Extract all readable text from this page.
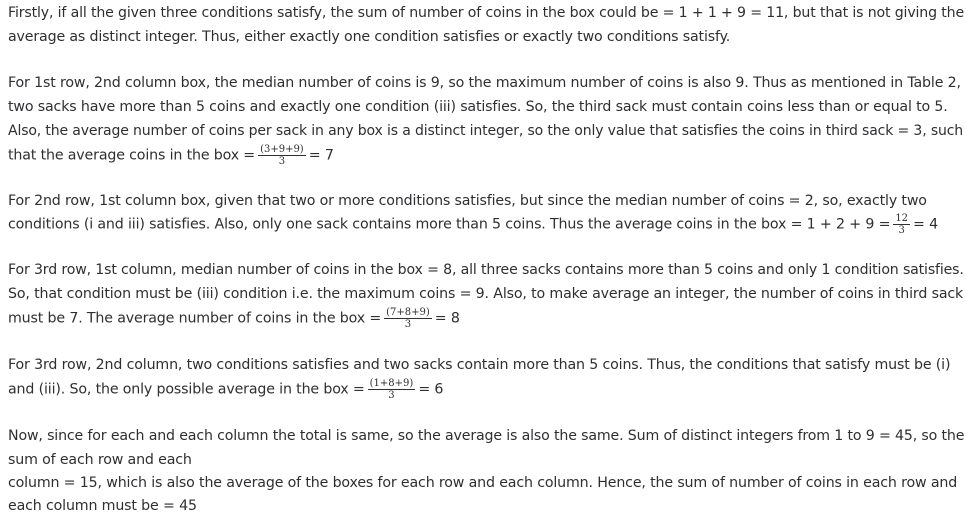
Firstly, if all the given three conditions satisfy, the sum of number of coins in the box could be = 1 + 1 + 9 = 11, but that is not giving the
average as distinct integer. Thus, either exactly one condition satisfies or exactly two conditions satisfy.
For 1st row, 2nd column box, the median number of coins is 9, so the maximum number of coins is also 9. Thus as mentioned in Table 2,
two sacks have more than 5 coins and exactly one condition (iii) satisfies. So, the third sack must contain coins less than or equal to 5.
Also, the average number of coins per sack in any box is a distinct integer, so the only value that satisfies the coins in third sack = 3, such
that the average coins in the box = $\frac{(3+9+9)}{3} = 7$
For 2nd row, 1st column box, given that two or more conditions satisfies, but since the median number of coins = 2, so, exactly two
conditions (i and iii) satisfies. Also, only one sack contains more than 5 coins. Thus the average coins in the box = $1 + 2 + 9 = \frac{12}{3} = 4$
For 3rd row, 1st column, median number of coins in the box = 8, all three sacks contains more than 5 coins and only 1 condition satisfies.
So, that condition must be (iii) condition i.e. the maximum coins = 9. Also, to make average an integer, the number of coins in third sack
must be 7. The average number of coins in the box = $\frac{(7+8+9)}{3} = 8$
For 3rd row, 2nd column, two conditions satisfies and two sacks contain more than 5 coins. Thus, the conditions that satisfy must be (i)
and (iii). So, the only possible average in the box = $\frac{(1+8+9)}{3} = 6$
Now, since for each and each column the total is same, so the average is also the same. Sum of distinct integers from 1 to 9 = 45, so the
sum of each row and each
column = 15, which is also the average of the boxes for each row and each column. Hence, the sum of number of coins in each row and
each column must be = 45
